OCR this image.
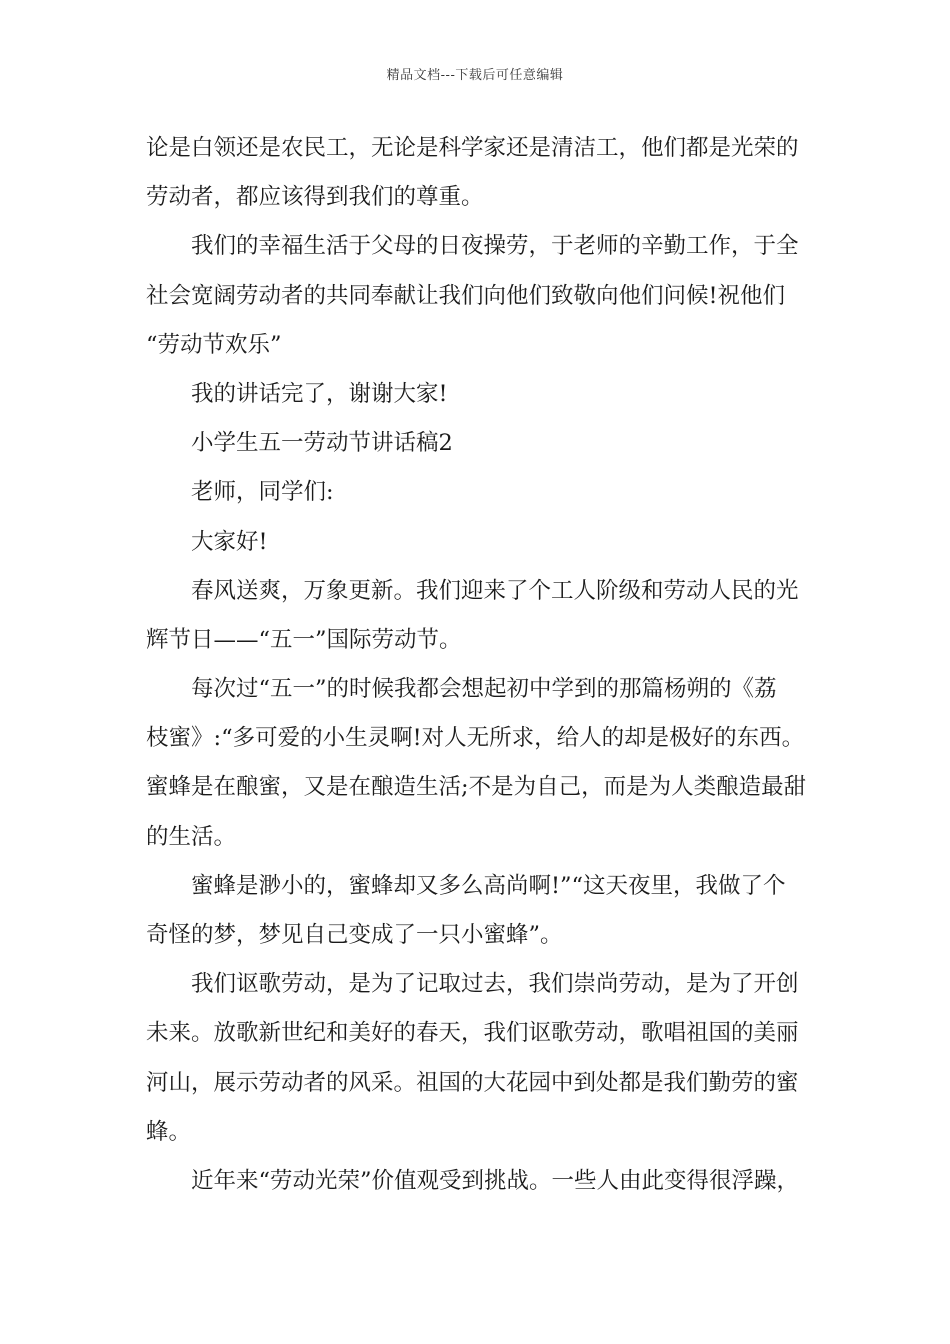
精品文档---下载后可任意编辑
论是白领还是农民工，无论是科学家还是清洁工，他们都是光荣的
劳动者，都应该得到我们的尊重。
我们的幸福生活于父母的日夜操劳，于老师的辛勤工作，于全
社会宽阔劳动者的共同奉献让我们向他们致敬向他们问候!祝他们
“劳动节欢乐”
我的讲话完了，谢谢大家!
小学生五一劳动节讲话稿2
老师，同学们:
大家好!
春风送爽，万象更新。我们迎来了个工人阶级和劳动人民的光
辉节日——“五一”国际劳动节。
每次过“五一”的时候我都会想起初中学到的那篇杨朔的《荔
枝蜜》:“多可爱的小生灵啊!对人无所求，给人的却是极好的东西。
蜜蜂是在酿蜜，又是在酿造生活;不是为自己，而是为人类酿造最甜
的生活。
蜜蜂是渺小的，蜜蜂却又多么高尚啊!”“这天夜里，我做了个
奇怪的梦，梦见自己变成了一只小蜜蜂”。
我们讴歌劳动，是为了记取过去，我们崇尚劳动，是为了开创
未来。放歌新世纪和美好的春天，我们讴歌劳动，歌唱祖国的美丽
河山，展示劳动者的风采。祖国的大花园中到处都是我们勤劳的蜜
蜂。
近年来“劳动光荣”价值观受到挑战。一些人由此变得很浮躁，
